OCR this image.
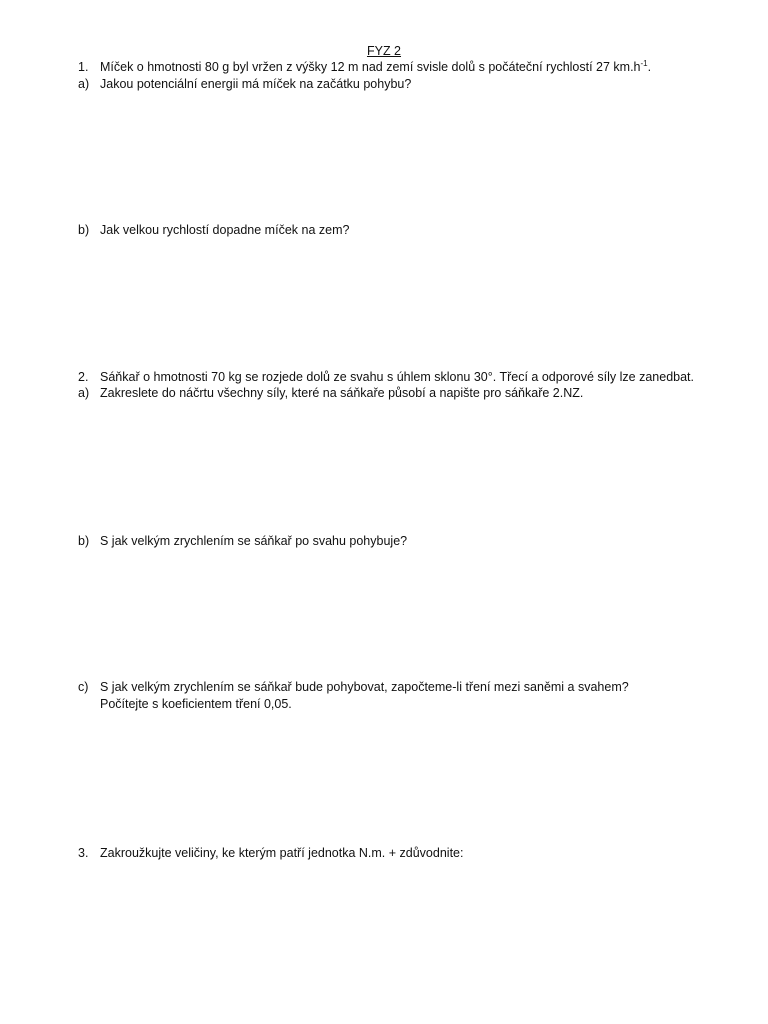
FYZ 2
1. Míček o hmotnosti 80 g byl vržen z výšky 12 m nad zemí svisle dolů s počáteční rychlostí 27 $km.h^{-1}$.
a) Jakou potenciální energii má míček na začátku pohybu?
b) Jak velkou rychlostí dopadne míček na zem?
2. Sáňkař o hmotnosti 70 kg se rozjede dolů ze svahu s úhlem sklonu 30°. Třecí a odporové síly lze zanedbat.
a) Zakreslete do náčrtu všechny síly, které na sáňkaře působí a napište pro sáňkaře 2.NZ.
b) S jak velkým zrychlením se sáňkař po svahu pohybuje?
c) S jak velkým zrychlením se sáňkař bude pohybovat, započteme-li tření mezi saněmi a svahem?
Počítejte s koeficientem tření 0,05.
3. Zakroužkujte veličiny, ke kterým patří jednotka N.m. + zdůvodnite:
